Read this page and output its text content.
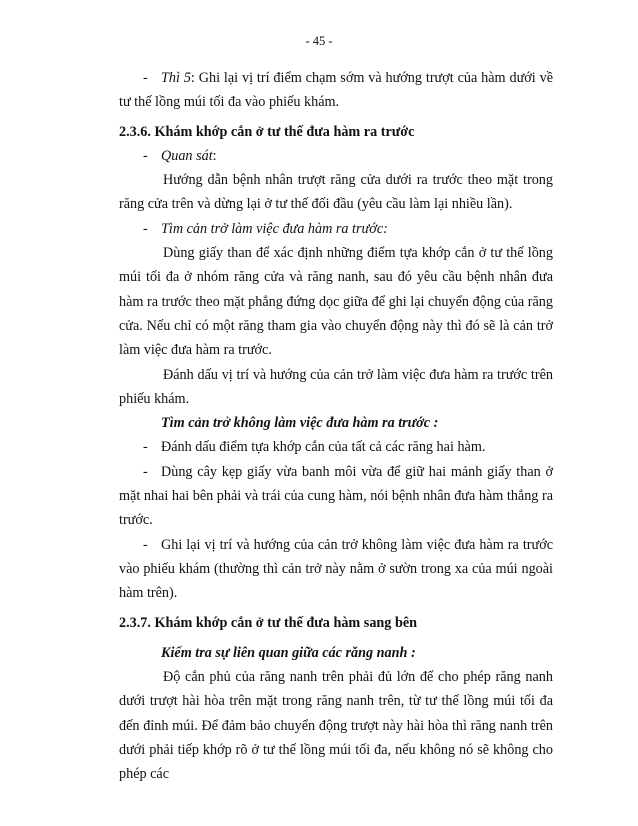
- 45 -

- Thì 5: Ghi lại vị trí điểm chạm sớm và hướng trượt của hàm dưới về tư thế lồng múi tối đa vào phiếu khám.

2.3.6. Khám khớp cắn ở tư thế đưa hàm ra trước

- Quan sát:

Hướng dẫn bệnh nhân trượt răng cửa dưới ra trước theo mặt trong răng cửa trên và dừng lại ở tư thế đối đầu (yêu cầu làm lại nhiều lần).

- Tìm cản trở làm việc đưa hàm ra trước:

Dùng giấy than để xác định những điểm tựa khớp cắn ở tư thế lồng múi tối đa ở nhóm răng cửa và răng nanh, sau đó yêu cầu bệnh nhân đưa hàm ra trước theo mặt phẳng đứng dọc giữa để ghi lại chuyển động của răng cửa. Nếu chỉ có một răng tham gia vào chuyển động này thì đó sẽ là cản trở làm việc đưa hàm ra trước.

Đánh dấu vị trí và hướng của cản trở làm việc đưa hàm ra trước trên phiếu khám.

Tìm cản trở không làm việc đưa hàm ra trước :

- Đánh dấu điểm tựa khớp cắn của tất cả các răng hai hàm.

- Dùng cây kẹp giấy vừa banh môi vừa để giữ hai mảnh giấy than ở mặt nhai hai bên phải và trái của cung hàm, nói bệnh nhân đưa hàm thẳng ra trước.

- Ghi lại vị trí và hướng của cản trở không làm việc đưa hàm ra trước vào phiếu khám (thường thì cản trở này nằm ở sườn trong xa của múi ngoài hàm trên).

2.3.7. Khám khớp cắn ở tư thế đưa hàm sang bên

Kiểm tra sự liên quan giữa các răng nanh :

Độ cắn phủ của răng nanh trên phải đủ lớn để cho phép răng nanh dưới trượt hài hòa trên mặt trong răng nanh trên, từ tư thế lồng múi tối đa đến đỉnh múi. Để đảm bảo chuyển động trượt này hài hòa thì răng nanh trên dưới phải tiếp khớp rõ ở tư thế lồng múi tối đa, nếu không nó sẽ không cho phép các
